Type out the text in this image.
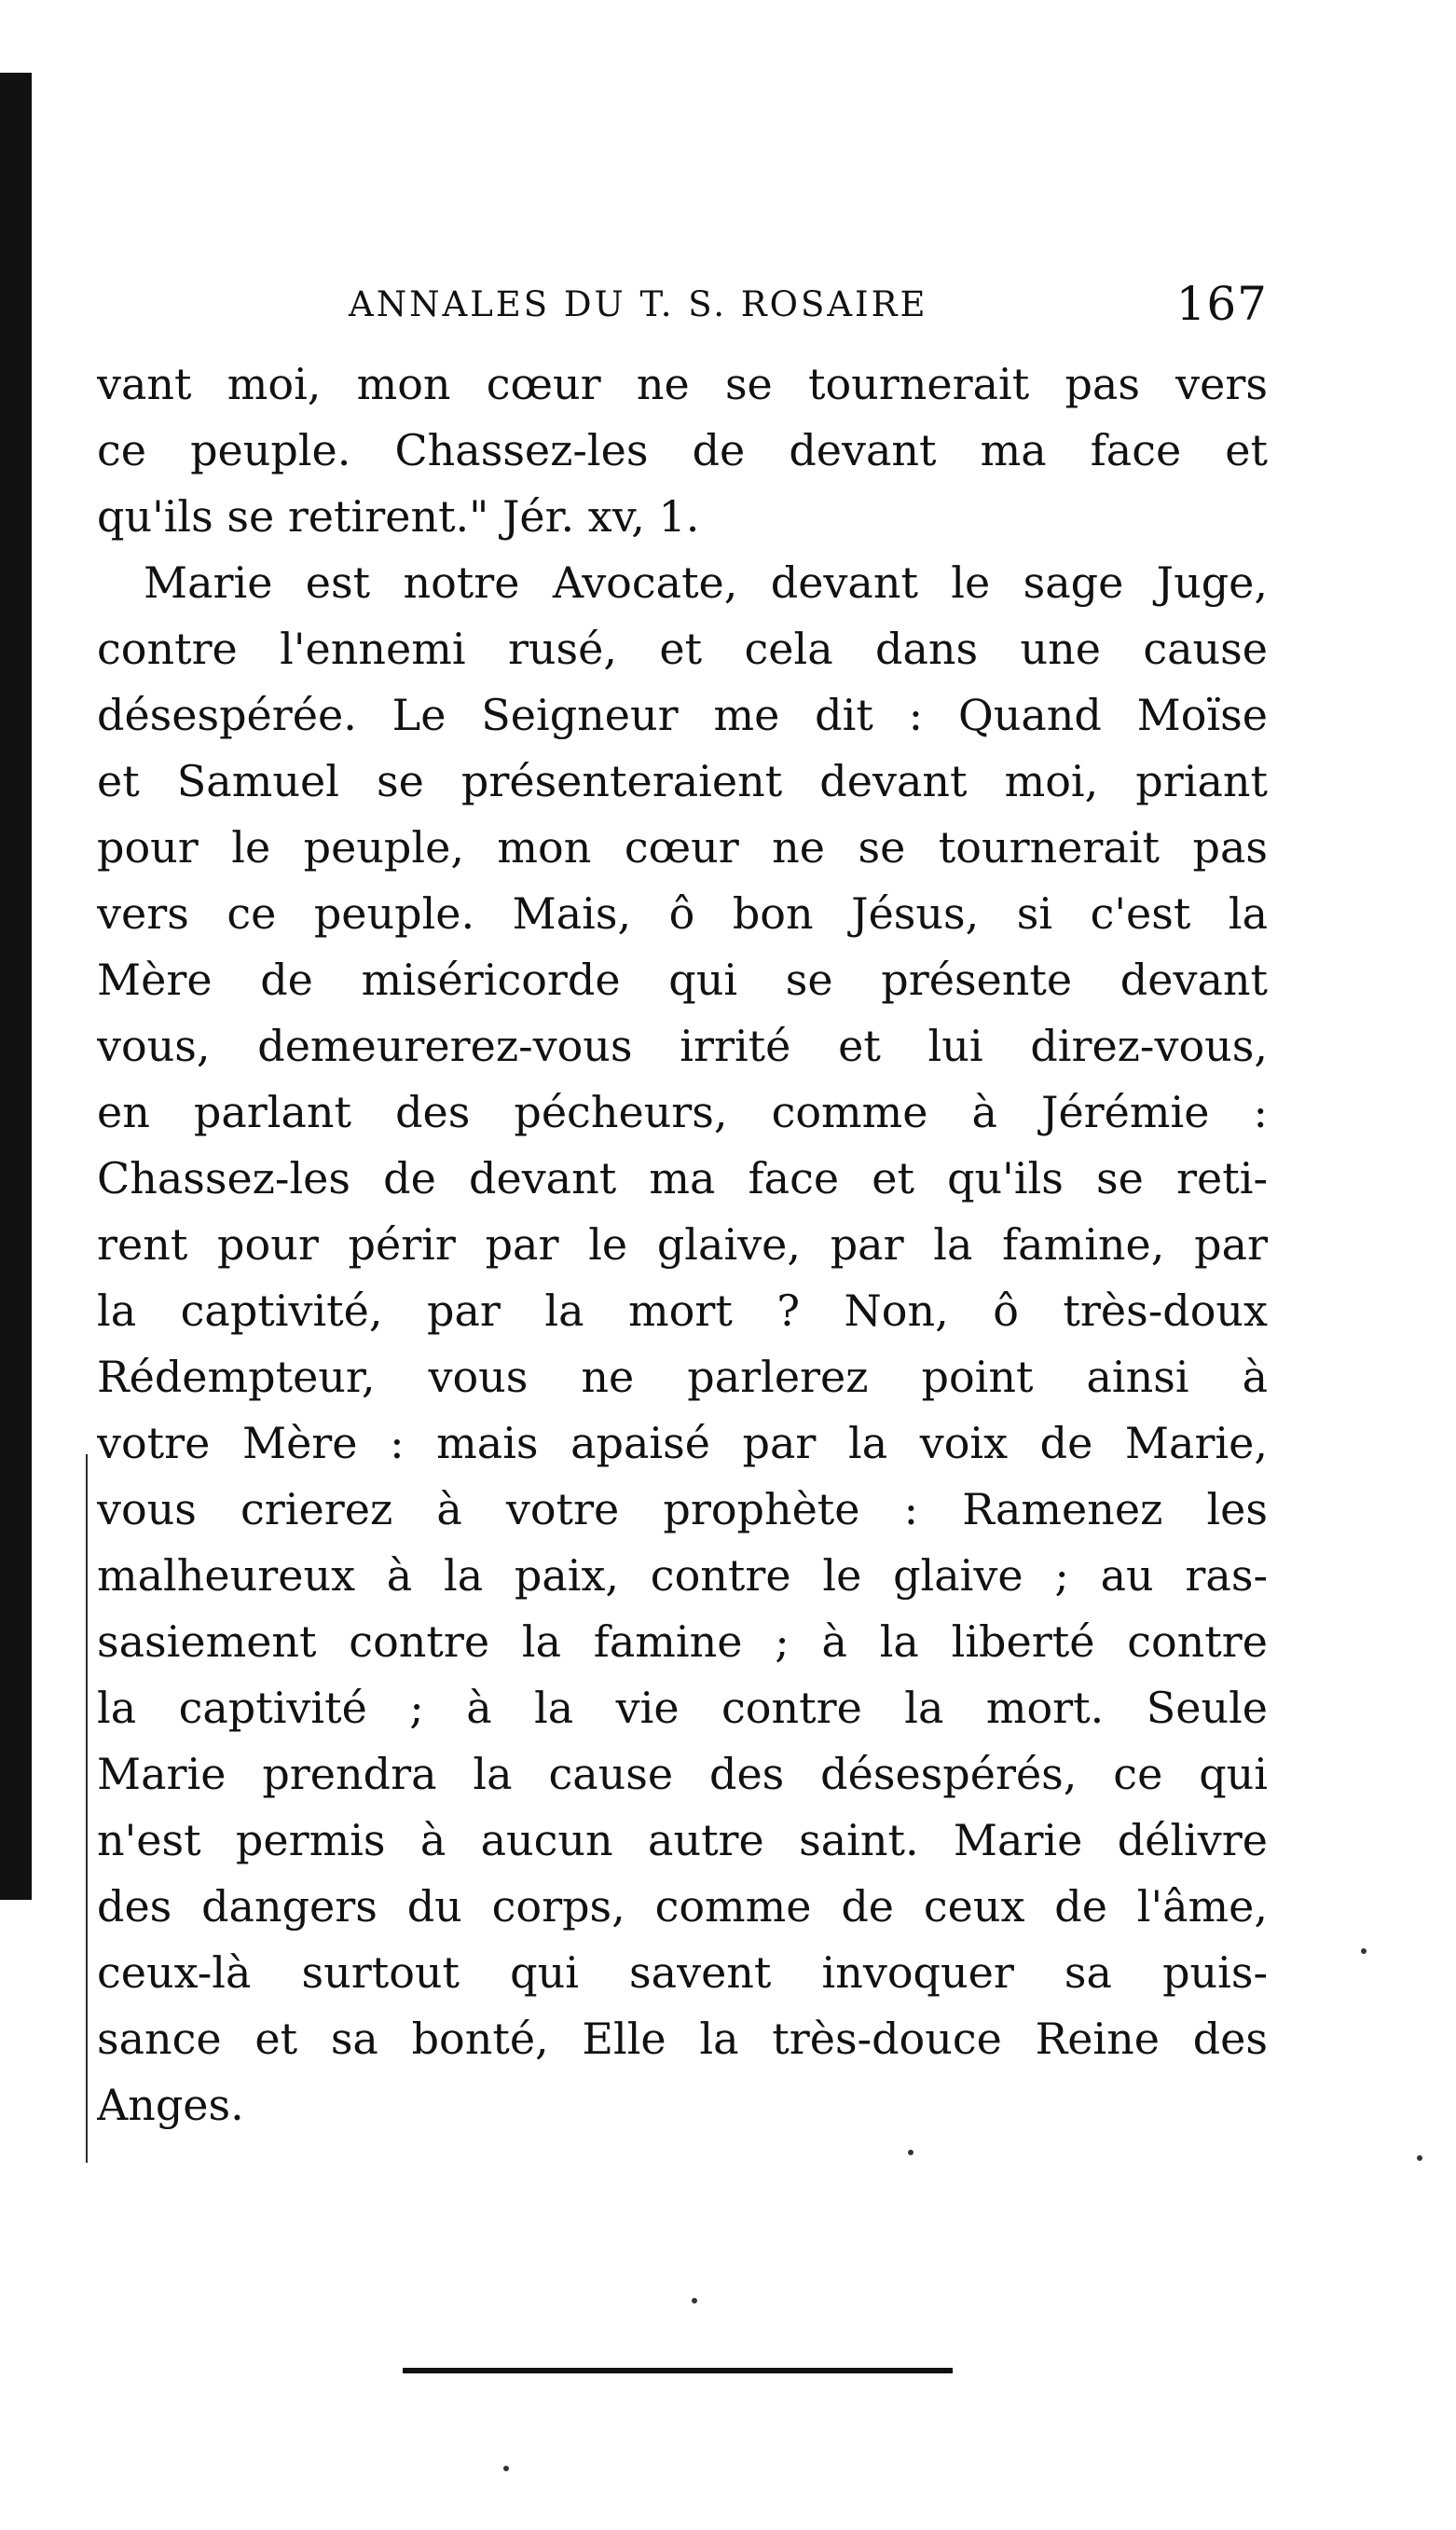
ANNALES DU T. S. ROSAIRE	167
vant moi, mon cœur ne se tournerait pas vers
ce peuple. Chassez-les de devant ma face et
qu'ils se retirent." Jér. xv, 1.
Marie est notre Avocate, devant le sage Juge,
contre l'ennemi rusé, et cela dans une cause
désespérée. Le Seigneur me dit : Quand Moïse
et Samuel se présenteraient devant moi, priant
pour le peuple, mon cœur ne se tournerait pas
vers ce peuple. Mais, ô bon Jésus, si c'est la
Mère de miséricorde qui se présente devant
vous, demeurerez-vous irrité et lui direz-vous,
en parlant des pécheurs, comme à Jérémie :
Chassez-les de devant ma face et qu'ils se reti-
rent pour périr par le glaive, par la famine, par
la captivité, par la mort ? Non, ô très-doux
Rédempteur, vous ne parlerez point ainsi à
votre Mère : mais apaisé par la voix de Marie,
vous crierez à votre prophète : Ramenez les
malheureux à la paix, contre le glaive ; au ras-
sasiement contre la famine ; à la liberté contre
la captivité ; à la vie contre la mort. Seule
Marie prendra la cause des désespérés, ce qui
n'est permis à aucun autre saint. Marie délivre
des dangers du corps, comme de ceux de l'âme,
ceux-là surtout qui savent invoquer sa puis-
sance et sa bonté, Elle la très-douce Reine des
Anges.
